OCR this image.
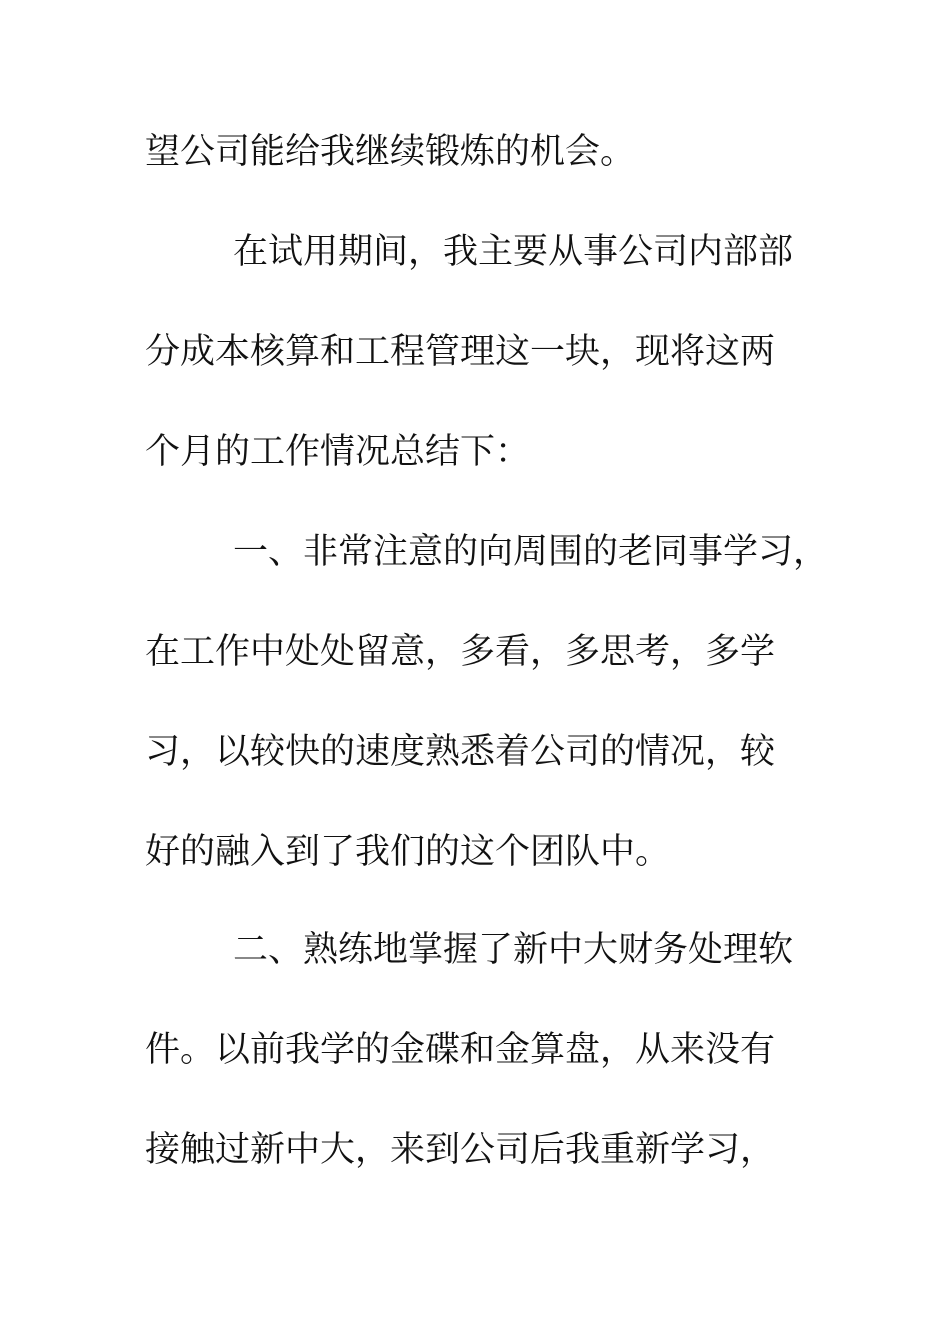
望公司能给我继续锻炼的机会。
在试用期间，我主要从事公司内部部
分成本核算和工程管理这一块，现将这两
个月的工作情况总结下：
一、非常注意的向周围的老同事学习，
在工作中处处留意，多看，多思考，多学
习，以较快的速度熟悉着公司的情况，较
好的融入到了我们的这个团队中。
二、熟练地掌握了新中大财务处理软
件。以前我学的金碟和金算盘，从来没有
接触过新中大，来到公司后我重新学习，
